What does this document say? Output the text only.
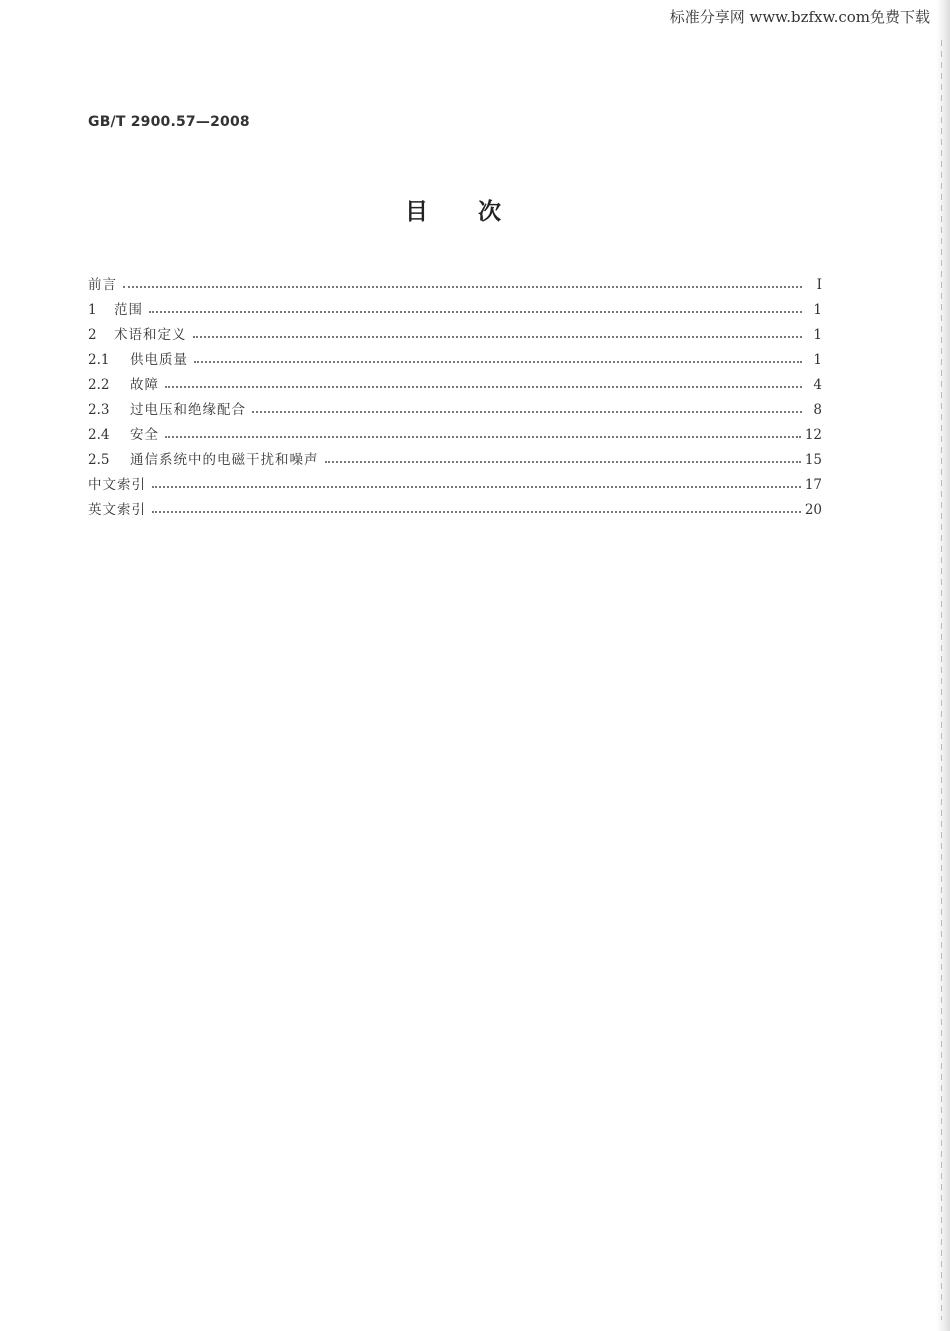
标准分享网 www.bzfxw.com免费下载
GB/T 2900.57—2008
目次
前言	Ⅰ
1	范围	1
2	术语和定义	1
2.1	供电质量	1
2.2	故障	4
2.3	过电压和绝缘配合	8
2.4	安全	12
2.5	通信系统中的电磁干扰和噪声	15
中文索引	17
英文索引	20
